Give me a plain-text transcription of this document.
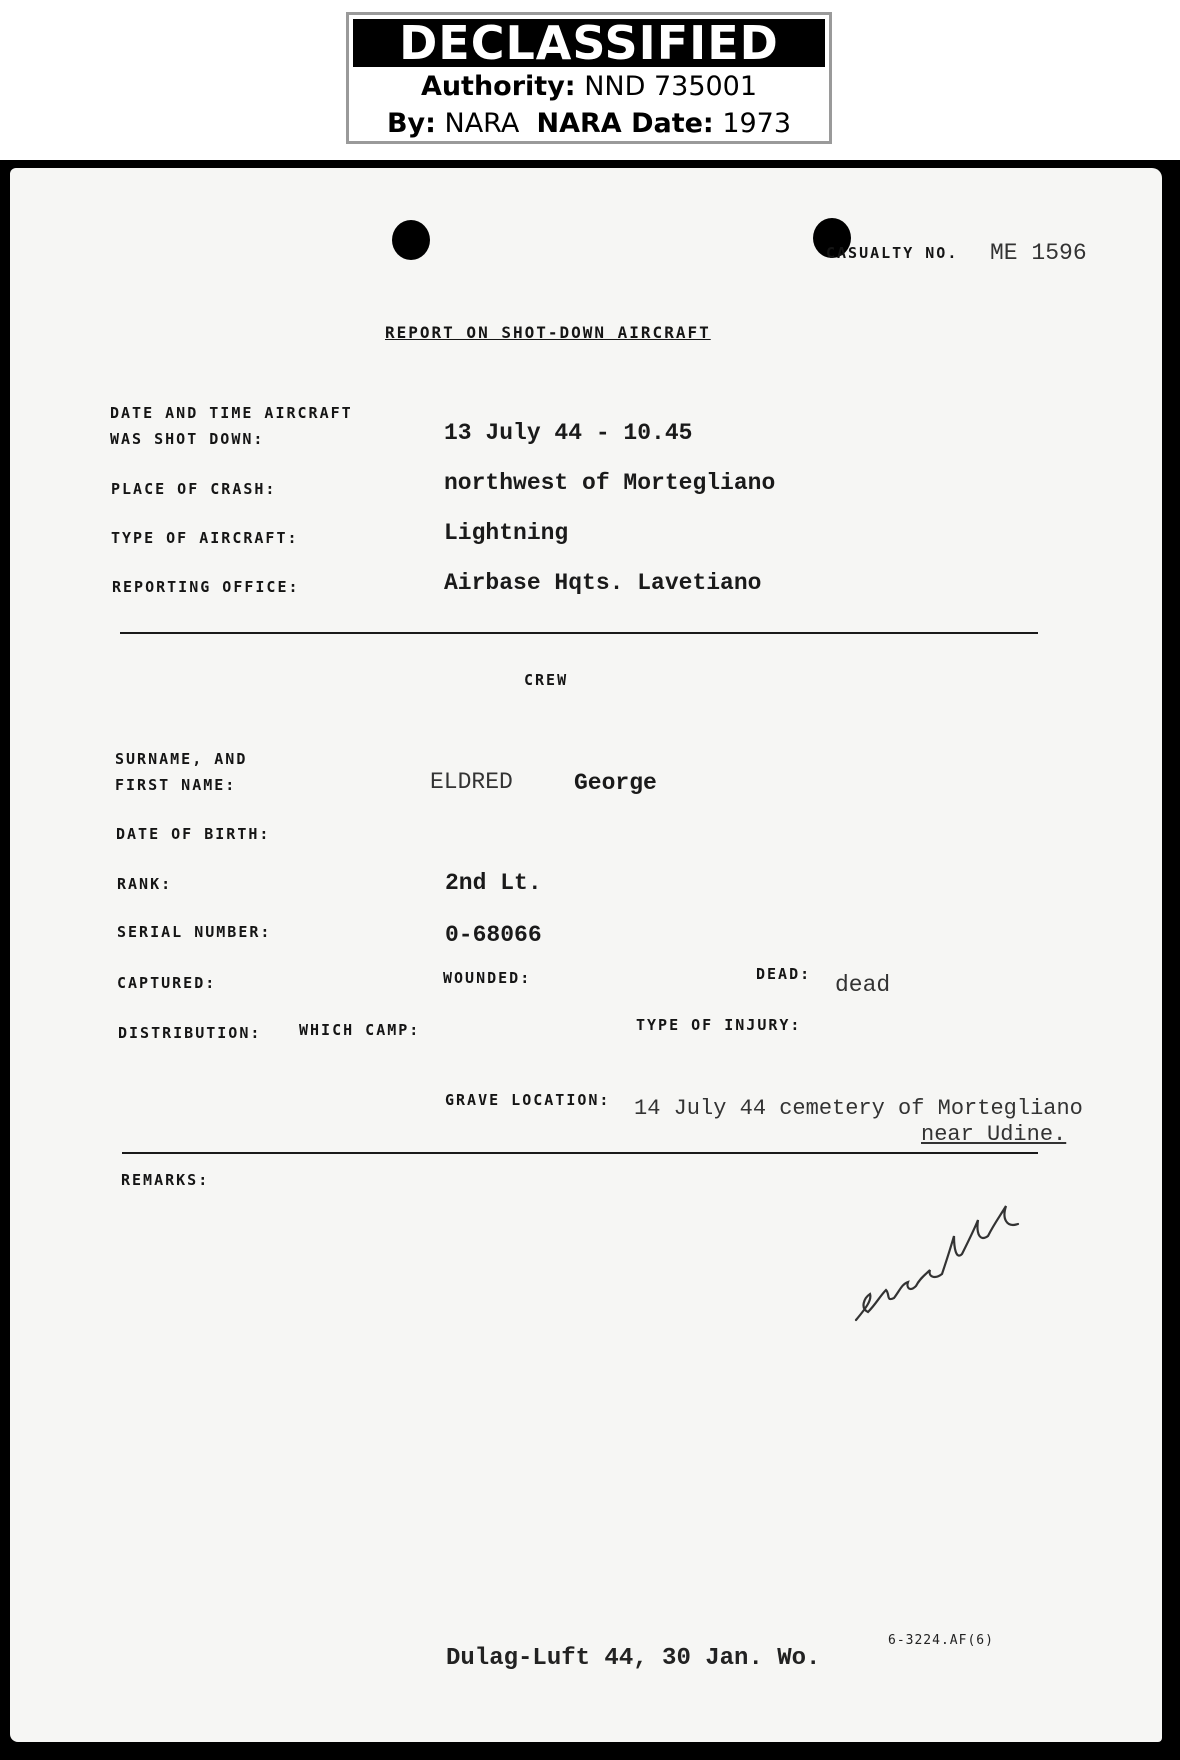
DECLASSIFIED
Authority: NND 735001
By: NARA NARA Date: 1973
CASUALTY NO. ME 1596
REPORT ON SHOT-DOWN AIRCRAFT
DATE AND TIME AIRCRAFT
WAS SHOT DOWN:	13 July 44 - 10.45
PLACE OF CRASH:	northwest of Mortegliano
TYPE OF AIRCRAFT:	Lightning
REPORTING OFFICE:	Airbase Hqts. Lavetiano
CREW
SURNAME, AND
FIRST NAME:	ELDRED	George
DATE OF BIRTH:
RANK:	2nd Lt.
SERIAL NUMBER:	0-68066
CAPTURED:	WOUNDED:	DEAD: dead
DISTRIBUTION:	WHICH CAMP:	TYPE OF INJURY:
GRAVE LOCATION: 14 July 44 cemetery of Mortegliano
near Udine.
REMARKS:
Dulag-Luft 44, 30 Jan. Wo.
6-3224.AF(6)
